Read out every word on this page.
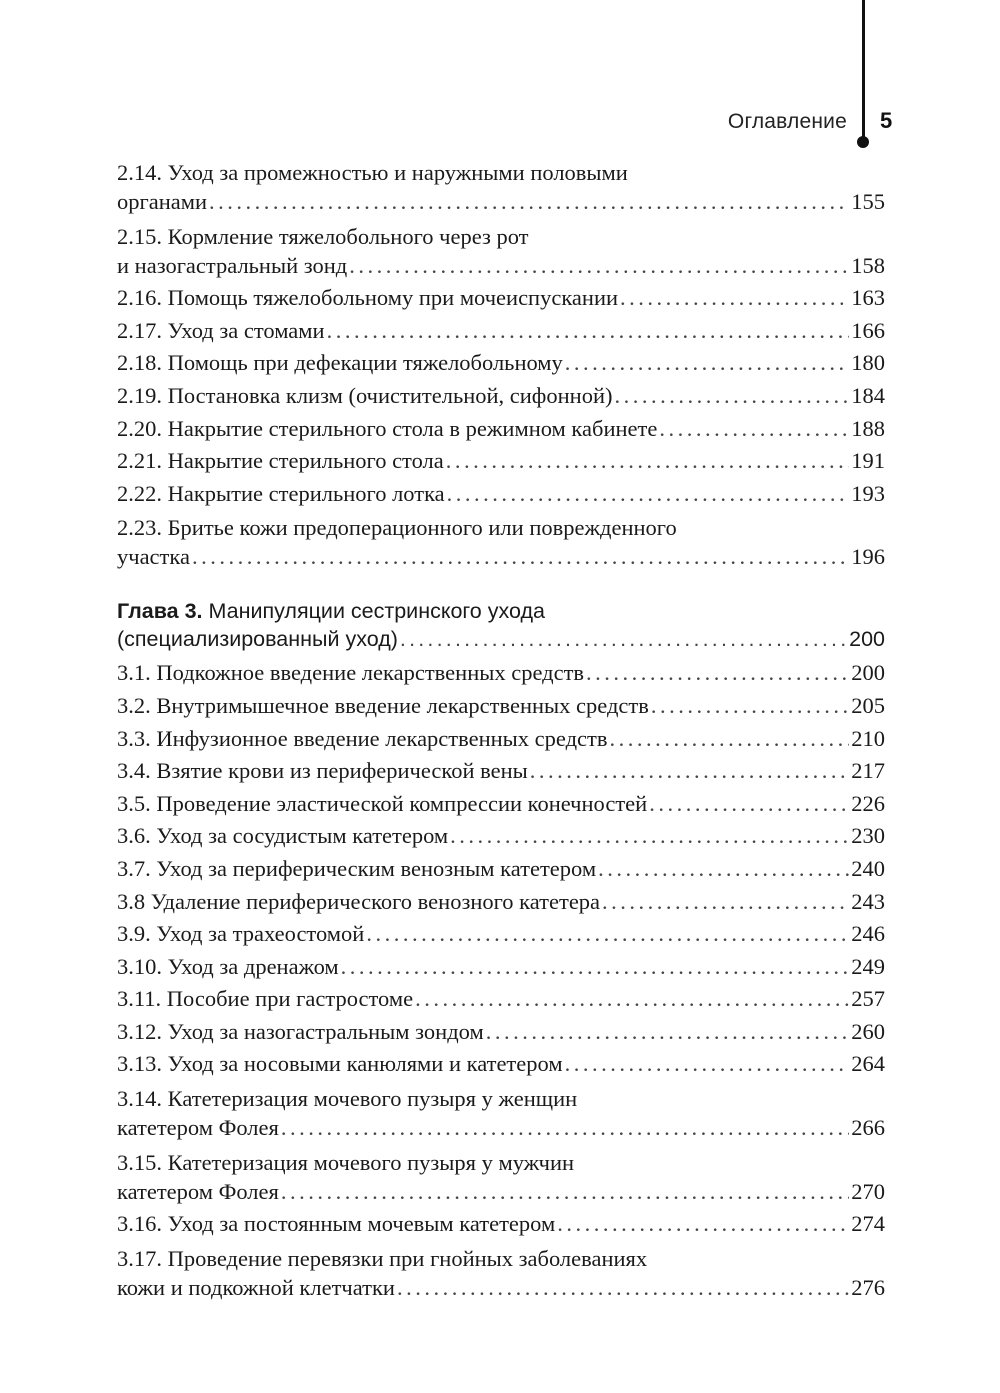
Оглавление 5
2.14. Уход за промежностью и наружными половыми
органами .....	155
2.15. Кормление тяжелобольного через рот
и назогастральный зонд .....	158
2.16. Помощь тяжелобольному при мочеиспускании .....	163
2.17. Уход за стомами .....	166
2.18. Помощь при дефекации тяжелобольному .....	180
2.19. Постановка клизм (очистительной, сифонной) .....	184
2.20. Накрытие стерильного стола в режимном кабинете .....	188
2.21. Накрытие стерильного стола .....	191
2.22. Накрытие стерильного лотка .....	193
2.23. Бритье кожи предоперационного или поврежденного
участка .....	196
Глава 3. Манипуляции сестринского ухода
(специализированный уход) .....	200
3.1. Подкожное введение лекарственных средств .....	200
3.2. Внутримышечное введение лекарственных средств .....	205
3.3. Инфузионное введение лекарственных средств .....	210
3.4. Взятие крови из периферической вены .....	217
3.5. Проведение эластической компрессии конечностей .....	226
3.6. Уход за сосудистым катетером .....	230
3.7. Уход за периферическим венозным катетером .....	240
3.8 Удаление периферического венозного катетера .....	243
3.9. Уход за трахеостомой .....	246
3.10. Уход за дренажом .....	249
3.11. Пособие при гастростоме .....	257
3.12. Уход за назогастральным зондом .....	260
3.13. Уход за носовыми канюлями и катетером .....	264
3.14. Катетеризация мочевого пузыря у женщин
катетером Фолея .....	266
3.15. Катетеризация мочевого пузыря у мужчин
катетером Фолея .....	270
3.16. Уход за постоянным мочевым катетером .....	274
3.17. Проведение перевязки при гнойных заболеваниях
кожи и подкожной клетчатки .....	276
